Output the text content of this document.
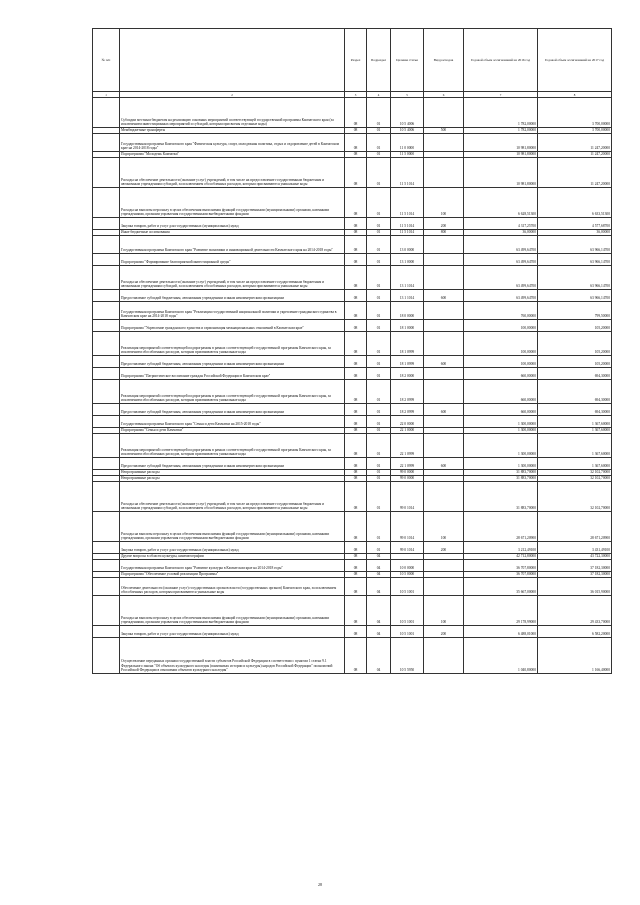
№ п/п		Раздел	Подраздел	Целевая статья	Вид расходов	Годовой объем ассигнований на 2016 год	Годовой объем ассигнований на 2017 год
1	2	3	4	5	6	7	8
	Субсидии местным бюджетам на реализацию основных мероприятий соответствующей государственной программы Камчатского края (за исключением инвестиционных мероприятий и субсидий, которым присвоены отдельные коды)	08	01	10 5 4006		1 782,00000	3 700,00000
	Межбюджетные трансферты	08	01	10 5 4006	500	1 782,00000	3 700,00000
	Государственная программа Камчатского края "Физическая культура, спорт, молодежная политика, отдых и оздоровление детей в Камчатском крае на 2014-2018 годы"	08	01	11 0 0000		10 981,80000	11 247,20000
	Подпрограмма "Молодежь Камчатки"	08	01	11 5 0000		10 981,80000	11 247,20000
	Расходы на обеспечение деятельности (оказание услуг) учреждений, в том числе на предоставление государственным бюджетным и автономным учреждениям субсидий, за исключением обособленных расходов, которым присваиваются уникальные коды	08	01	11 5 1014		10 981,80000	11 247,20000
	Расходы на выплаты персоналу в целях обеспечения выполнения функций государственными (муниципальными) органами, казенными учреждениями, органами управления государственными внебюджетными фондами	08	01	11 5 1014	100	6 628,51300	6 633,51300
	Закупка товаров, работ и услуг для государственных (муниципальных) нужд	08	01	11 5 1014	200	4 317,25700	4 577,68700
	Иные бюджетные ассигнования	08	01	11 5 1014	800	36,00000	36,00000
	Государственная программа Камчатского края "Развитие экономики и инновационной деятельности Камчатского края на 2014-2018 годы"	08	01	13 0 0000		63 499,64700	63 966,14700
	Подпрограмма "Формирование благоприятной инвестиционной среды"	08	01	13 1 0000		63 499,64700	63 966,14700
	Расходы на обеспечение деятельности (оказание услуг) учреждений, в том числе на предоставление государственным бюджетным и автономным учреждениям субсидий, за исключением обособленных расходов, которым присваиваются уникальные коды	08	01	13 1 1014		63 499,64700	63 966,14700
	Предоставление субсидий бюджетным, автономным учреждениям и иным некоммерческим организациям	08	01	13 1 1014	600	63 499,64700	63 966,14700
	Государственная программа Камчатского края "Реализация государственной национальной политики и укрепление гражданского единства в Камчатском крае на 2014-2018 годы"	08	01	18 0 0000		760,00000	799,50000
	Подпрограмма "Укрепление гражданского единства и гармонизация межнациональных отношений в Камчатском крае"	08	01	18 1 0000		100,00000	105,20000
	Реализация мероприятий соответствующей подпрограммы в рамках соответствующей государственной программы Камчатского края, за исключением обособленных расходов, которым присваиваются уникальные коды	08	01	18 1 0999		100,00000	105,20000
	Предоставление субсидий бюджетным, автономным учреждениям и иным некоммерческим организациям	08	01	18 1 0999	600	100,00000	105,20000
	Подпрограмма "Патриотическое воспитание граждан Российской Федерации в Камчатском крае"	08	01	18 2 0000		660,00000	694,30000
	Реализация мероприятий соответствующей подпрограммы в рамках соответствующей государственной программы Камчатского края, за исключением обособленных расходов, которым присваиваются уникальные коды	08	01	18 2 0999		660,00000	694,30000
	Предоставление субсидий бюджетным, автономным учреждениям и иным некоммерческим организациям	08	01	18 2 0999	600	660,00000	694,30000
	Государственная программа Камчатского края "Семья и дети Камчатки на 2015-2018 годы"	08	01	22 0 0000		1 300,00000	1 367,60000
	Подпрограмма "Семья и дети Камчатки"	08	01	22 1 0000		1 300,00000	1 367,60000
	Реализация мероприятий соответствующей подпрограммы в рамках соответствующей государственной программы Камчатского края, за исключением обособленных расходов, которым присваиваются уникальные коды	08	01	22 1 0999		1 300,00000	1 367,60000
	Предоставление субсидий бюджетным, автономным учреждениям и иным некоммерческим организациям	08	01	22 1 0999	600	1 300,00000	1 367,60000
	Непрограммные расходы	08	01	99 0 0000		31 883,70000	32 102,70000
	Непрограммные расходы	08	01	99 0 0000		31 883,70000	32 102,70000
	Расходы на обеспечение деятельности (оказание услуг) учреждений, в том числе на предоставление государственным бюджетным и автономным учреждениям субсидий, за исключением обособленных расходов, которым присваиваются уникальные коды	08	01	99 0 1014		31 883,70000	32 102,70000
	Расходы на выплаты персоналу в целях обеспечения выполнения функций государственными (муниципальными) органами, казенными учреждениями, органами управления государственными внебюджетными фондами	08	01	99 0 1014	100	28 671,20900	28 671,20900
	Закупка товаров, работ и услуг для государственных (муниципальных) нужд	08	01	99 0 1014	200	3 212,49100	3 431,49100
	Другие вопросы в области культуры, кинематографии	08	04			42 712,80000	43 722,30000
	Государственная программа Камчатского края "Развитие культуры в Камчатском крае на 2014-2018 годы"	08	04	10 0 0000		36 707,80000	37 182,30000
	Подпрограмма "Обеспечение условий реализации Программы"	08	04	10 5 0000		36 707,80000	37 182,30000
	Обеспечение деятельности (оказание услуг) государственных органов власти (государственных органов) Камчатского края, за исключением обособленных расходов, которым присваиваются уникальные коды	08	04	10 5 1001		35 667,00000	36 015,90000
	Расходы на выплаты персоналу в целях обеспечения выполнения функций государственными (муниципальными) органами, казенными учреждениями, органами управления государственными внебюджетными фондами	08	04	10 5 1001	100	29 178,99000	29 433,70000
	Закупка товаров, работ и услуг для государственных (муниципальных) нужд	08	04	10 5 1001	200	6 488,01000	6 582,20000
	Осуществление переданных органам государственной власти субъектов Российской Федерации в соответствии с пунктом 1 статьи 9.1 Федерального закона "Об объектах культурного наследия (памятниках истории и культуры) народов Российской Федерации" полномочий Российской Федерации в отношении объектов культурного наследия"	08	04	10 5 5950		1 040,80000	1 166,40000
28
